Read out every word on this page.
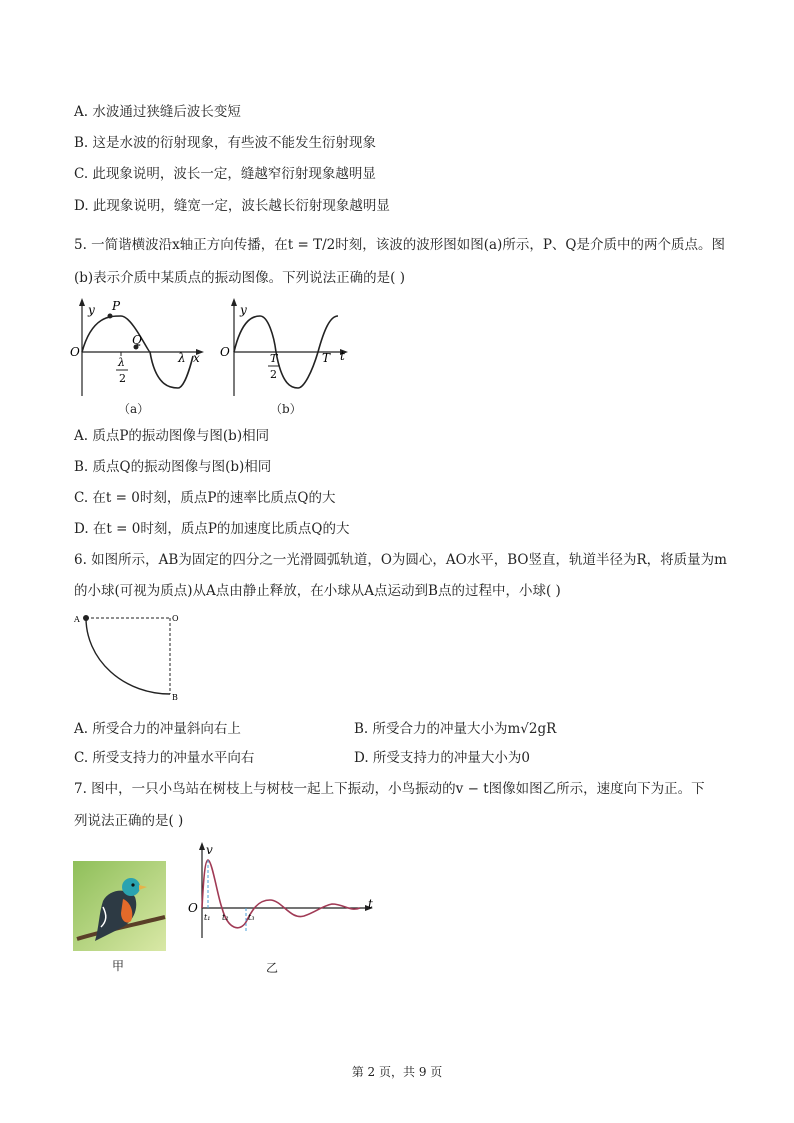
A. 水波通过狭缝后波长变短
B. 这是水波的衍射现象，有些波不能发生衍射现象
C. 此现象说明，波长一定，缝越窄衍射现象越明显
D. 此现象说明，缝宽一定，波长越长衍射现象越明显
5. 一简谐横波沿x轴正方向传播，在t = T/2时刻，该波的波形图如图(a)所示，P、Q是介质中的两个质点。图
(b)表示介质中某质点的振动图像。下列说法正确的是( )
y P
Q
O	λ x
λ
2
（a）
y
O	T
2
T t
（b）
A. 质点P的振动图像与图(b)相同
B. 质点Q的振动图像与图(b)相同
C. 在t = 0时刻，质点P的速率比质点Q的大
D. 在t = 0时刻，质点P的加速度比质点Q的大
6. 如图所示，AB为固定的四分之一光滑圆弧轨道，O为圆心，AO水平，BO竖直，轨道半径为R，将质量为m
的小球(可视为质点)从A点由静止释放，在小球从A点运动到B点的过程中，小球( )
A	O
B
A. 所受合力的冲量斜向右上	B. 所受合力的冲量大小为m√2gR
C. 所受支持力的冲量水平向右	D. 所受支持力的冲量大小为0
7. 图中，一只小鸟站在树枝上与树枝一起上下振动，小鸟振动的v − t图像如图乙所示，速度向下为正。下
列说法正确的是( )
甲
v
O
t₁ t₂ t₃
t
乙
第 2 页，共 9 页
